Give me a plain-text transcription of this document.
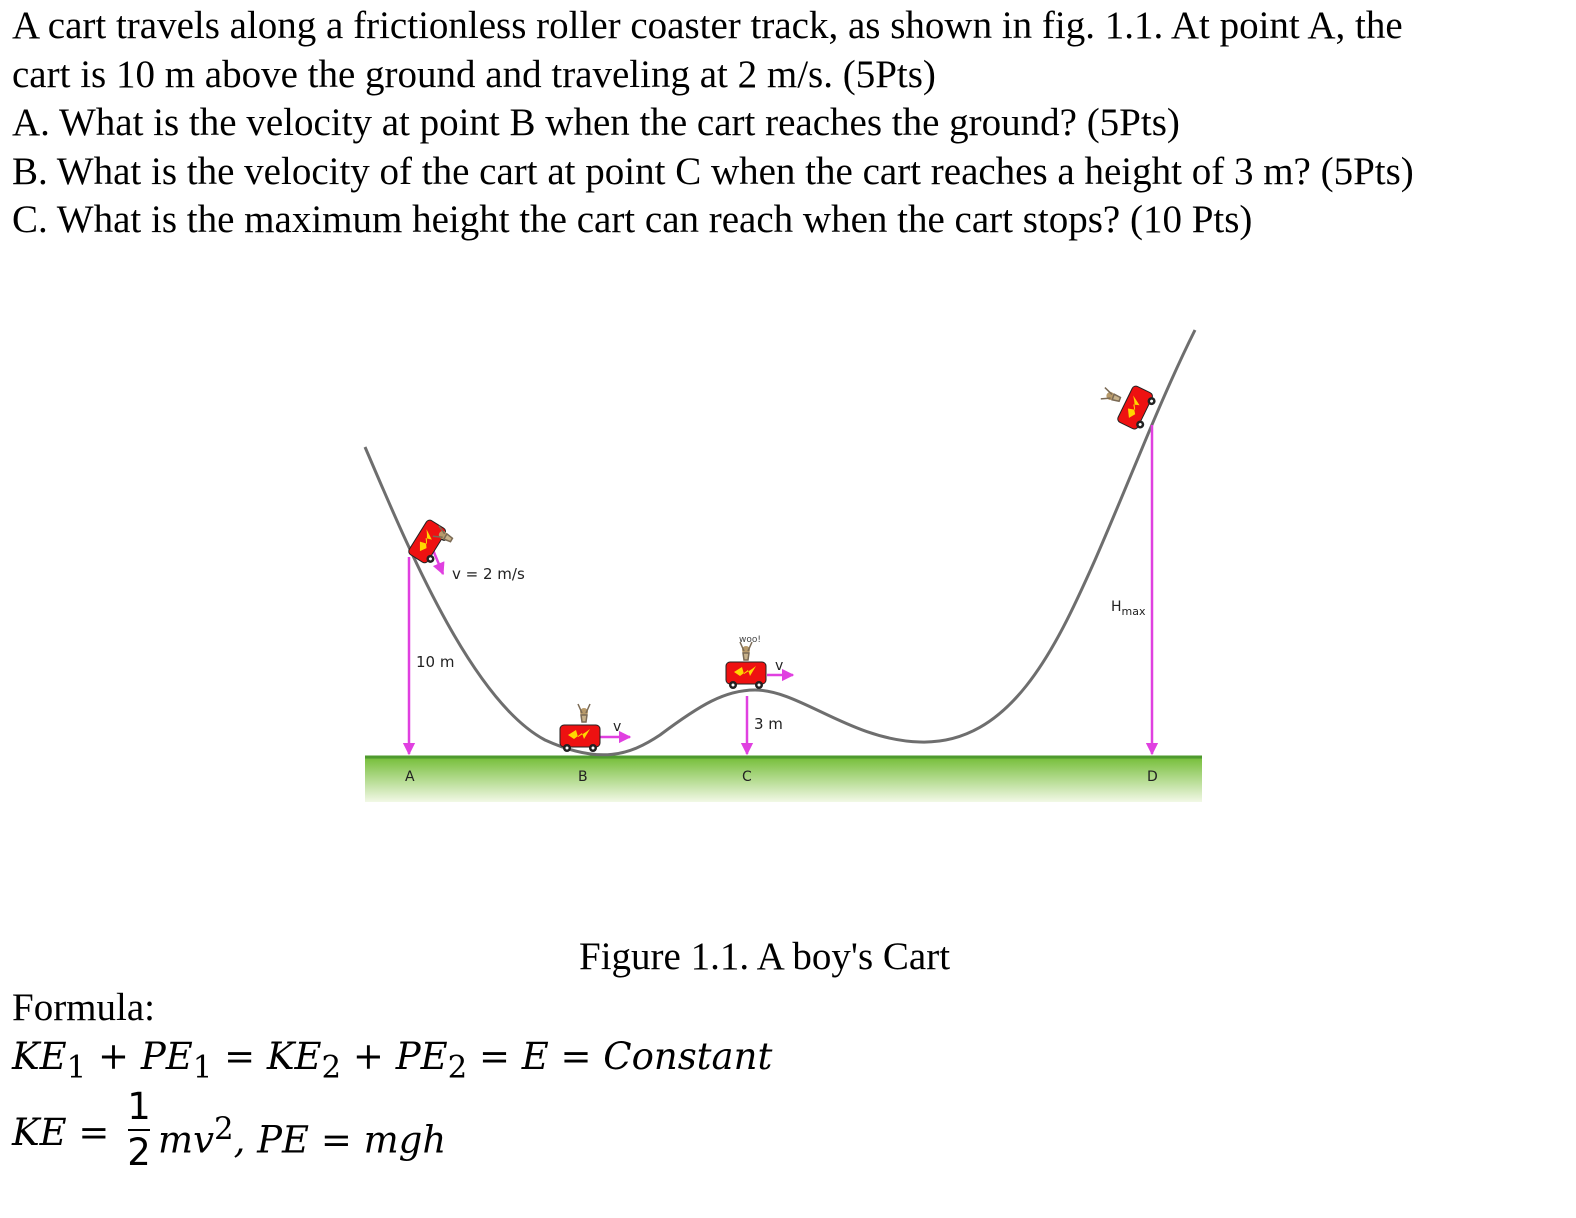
A cart travels along a frictionless roller coaster track, as shown in fig. 1.1. At point A, the

cart is 10 m above the ground and traveling at 2 m/s. (5Pts)

A. What is the velocity at point B when the cart reaches the ground? (5Pts)

B. What is the velocity of the cart at point C when the cart reaches a height of 3 m? (5Pts)

C. What is the maximum height the cart can reach when the cart stops? (10 Pts)

v = 2 m/s
10 m
v
woo!
v
3 m
$H_{max}$
A	B	C	D
Figure 1.1. A boy's Cart
Formula:
$KE_1 + PE_1 = KE_2 + PE_2 = E$ = Constant
KE =
1
2 $mv^2$, PE = mgh
